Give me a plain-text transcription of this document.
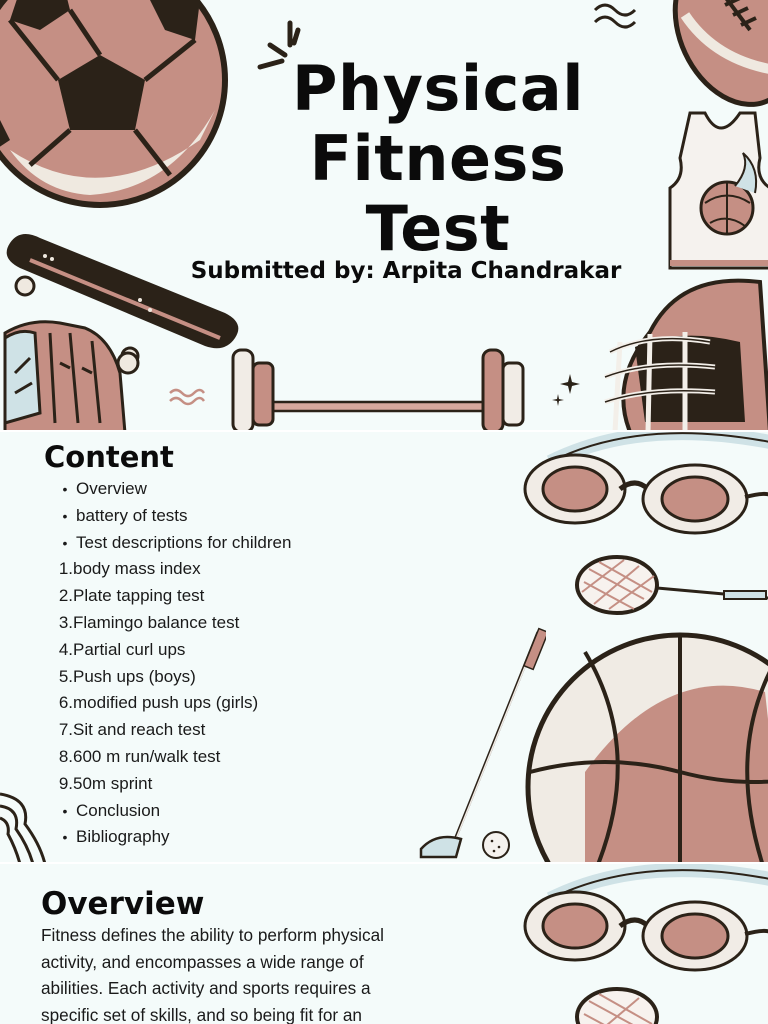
Physical
Fitness
Test
Submitted by: Arpita Chandrakar
Content
• Overview
• battery of tests
• Test descriptions for children
1. body mass index
2. Plate tapping test
3. Flamingo balance test
4. Partial curl ups
5. Push ups (boys)
6. modified push ups (girls)
7. Sit and reach test
8. 600 m run/walk test
9. 50m sprint
• Conclusion
• Bibliography
Overview

Fitness defines the ability to perform physical activity, and encompasses a wide range of abilities. Each activity and sports requires a specific set of skills, and so being fit for an
